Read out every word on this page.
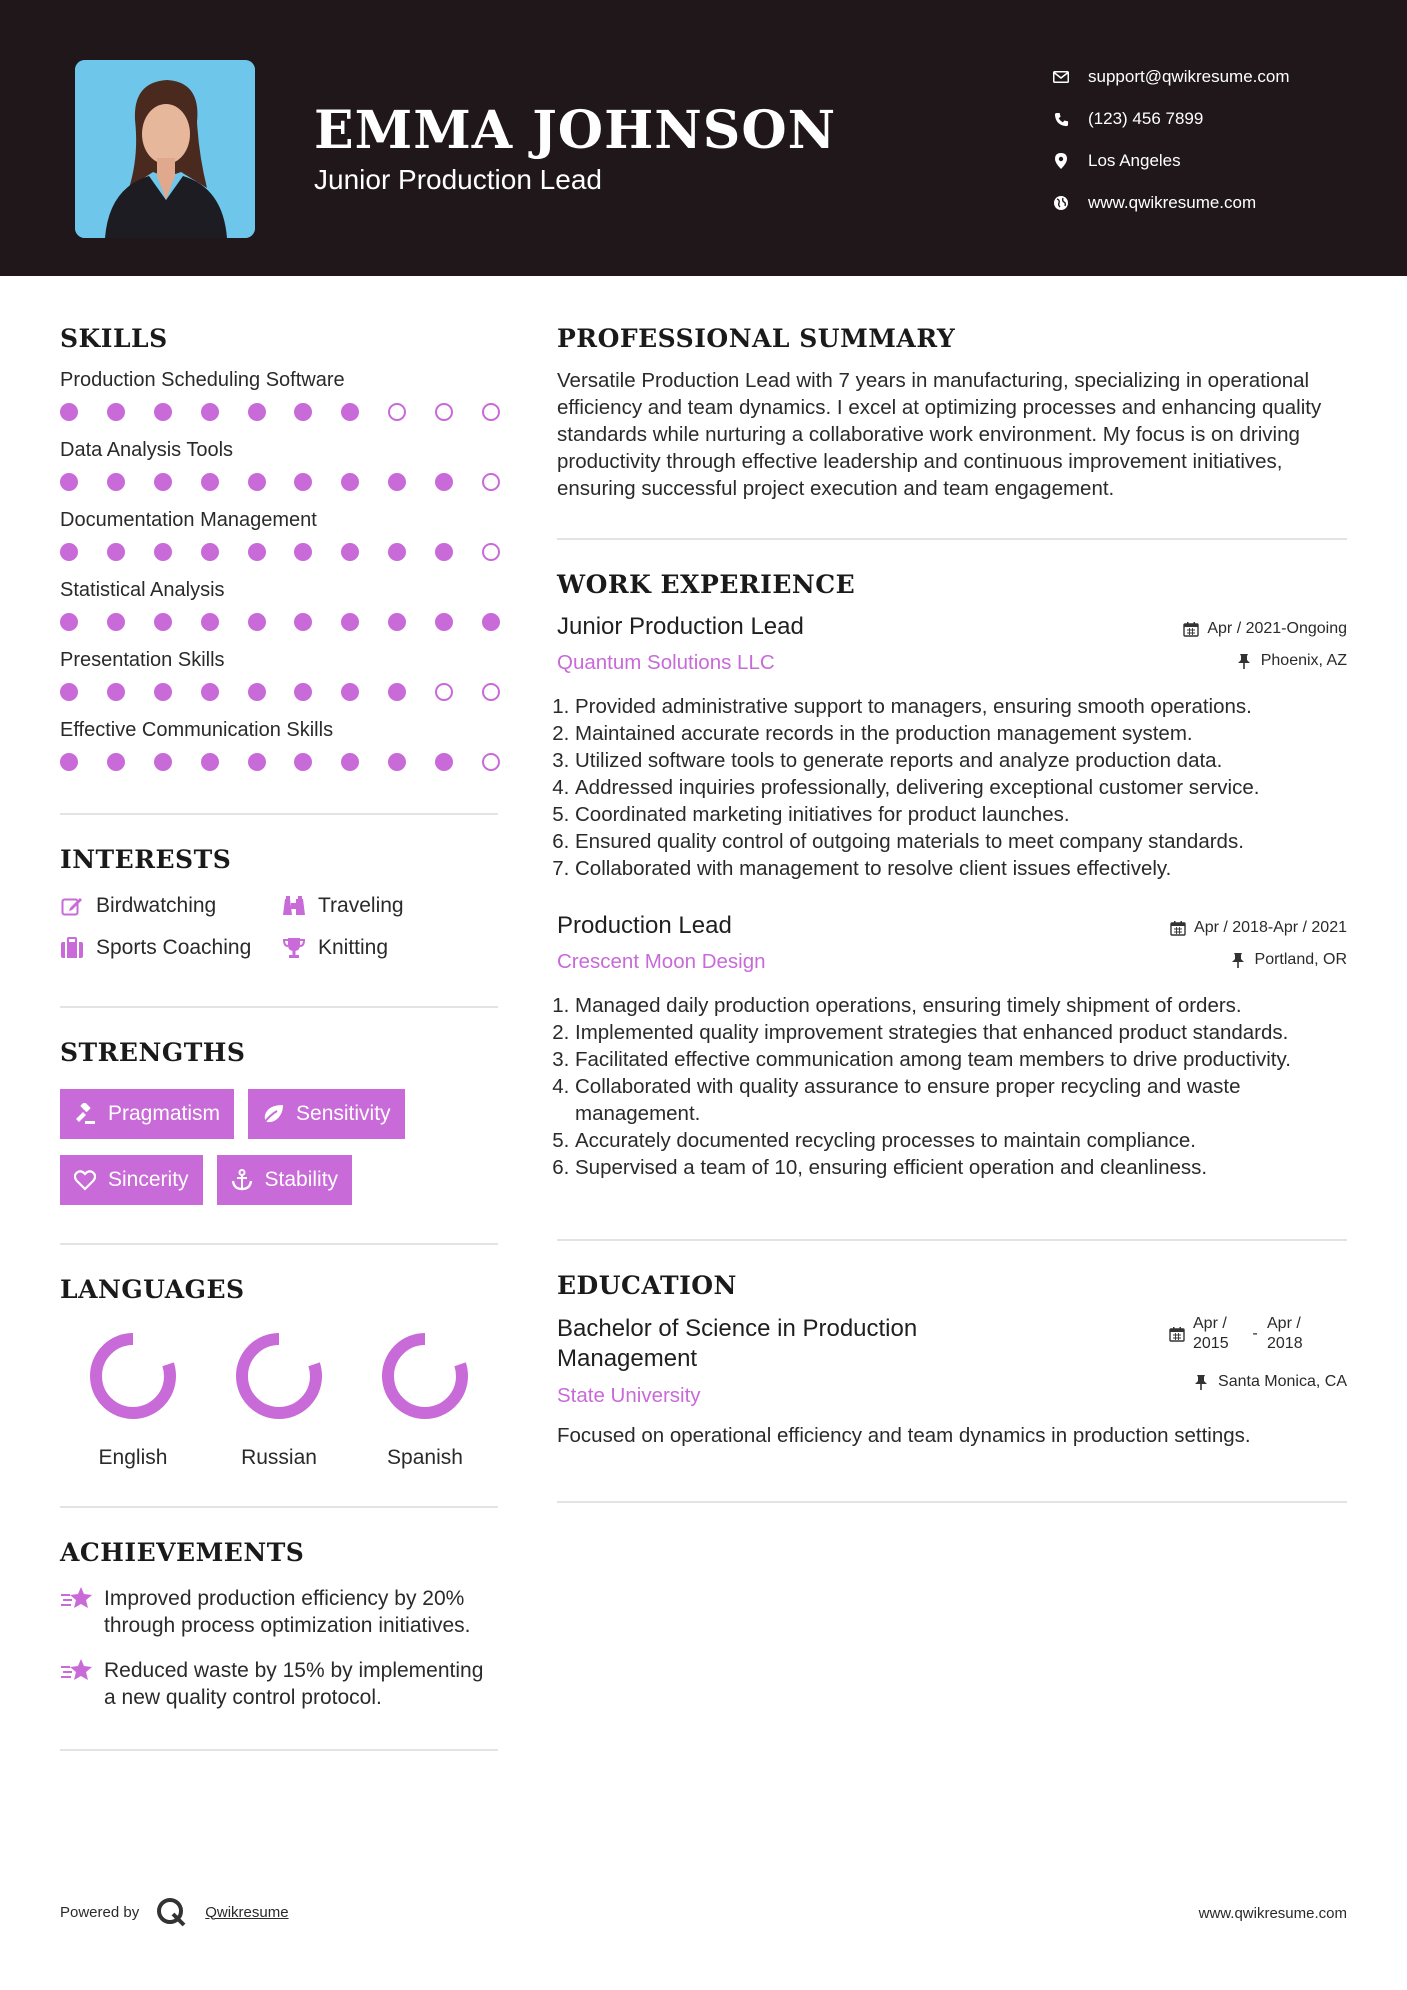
EMMA JOHNSON
Junior Production Lead
support@qwikresume.com
(123) 456 7899
Los Angeles
www.qwikresume.com
SKILLS
Production Scheduling Software
Data Analysis Tools
Documentation Management
Statistical Analysis
Presentation Skills
Effective Communication Skills
INTERESTS
Birdwatching	Traveling
Sports Coaching	Knitting
STRENGTHS
Pragmatism	Sensitivity
Sincerity	Stability
LANGUAGES
English	Russian	Spanish
ACHIEVEMENTS
Improved production efficiency by 20% through process optimization initiatives.
Reduced waste by 15% by implementing a new quality control protocol.
PROFESSIONAL SUMMARY
Versatile Production Lead with 7 years in manufacturing, specializing in operational efficiency and team dynamics. I excel at optimizing processes and enhancing quality standards while nurturing a collaborative work environment. My focus is on driving productivity through effective leadership and continuous improvement initiatives, ensuring successful project execution and team engagement.
WORK EXPERIENCE
Junior Production Lead
Quantum Solutions LLC
Apr / 2021-Ongoing
Phoenix, AZ
1. Provided administrative support to managers, ensuring smooth operations.
2. Maintained accurate records in the production management system.
3. Utilized software tools to generate reports and analyze production data.
4. Addressed inquiries professionally, delivering exceptional customer service.
5. Coordinated marketing initiatives for product launches.
6. Ensured quality control of outgoing materials to meet company standards.
7. Collaborated with management to resolve client issues effectively.
Production Lead
Crescent Moon Design
Apr / 2018-Apr / 2021
Portland, OR
1. Managed daily production operations, ensuring timely shipment of orders.
2. Implemented quality improvement strategies that enhanced product standards.
3. Facilitated effective communication among team members to drive productivity.
4. Collaborated with quality assurance to ensure proper recycling and waste management.
5. Accurately documented recycling processes to maintain compliance.
6. Supervised a team of 10, ensuring efficient operation and cleanliness.
EDUCATION
Bachelor of Science in Production Management
State University
Apr / 2015
-
Apr / 2018
Santa Monica, CA
Focused on operational efficiency and team dynamics in production settings.
Powered by	Qwikresume	www.qwikresume.com
